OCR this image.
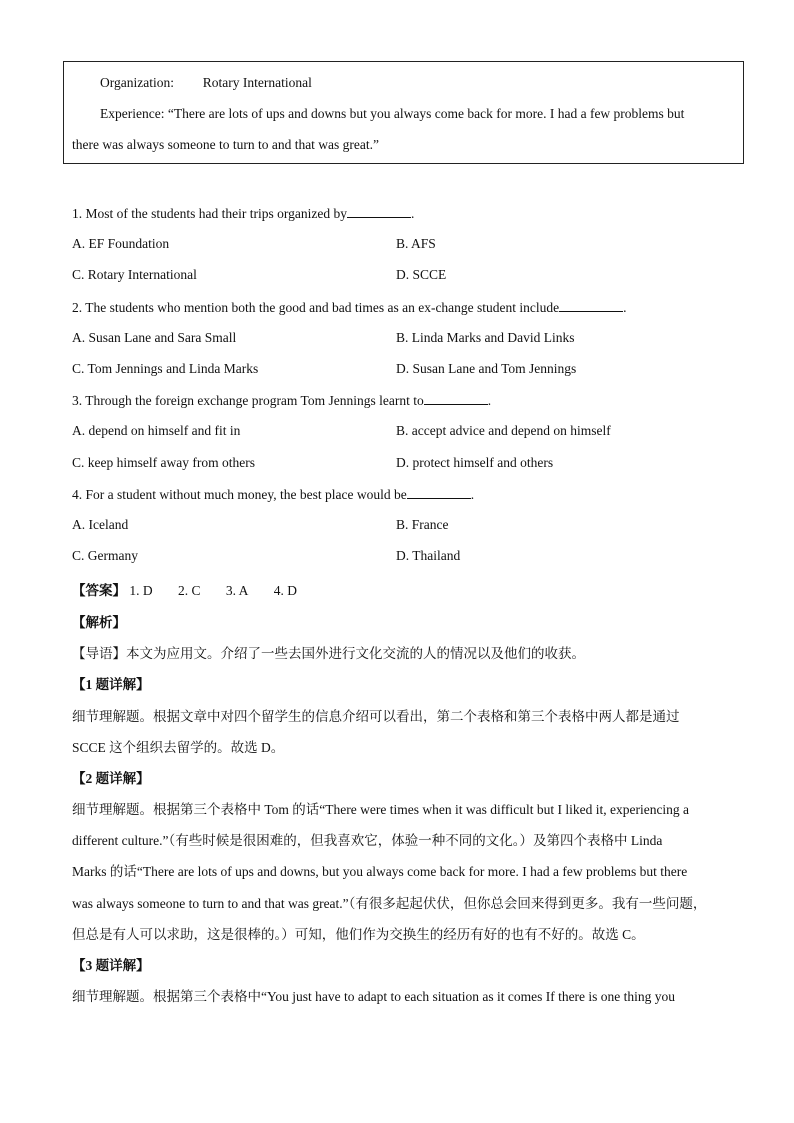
Organization: Rotary International
Experience: “There are lots of ups and downs but you always come back for more. I had a few problems but
there was always someone to turn to and that was great.”
1. Most of the students had their trips organized by	.
A. EF Foundation	B. AFS
C. Rotary International	D. SCCE
2. The students who mention both the good and bad times as an ex-change student include	.
A. Susan Lane and Sara Small	B. Linda Marks and David Links
C. Tom Jennings and Linda Marks	D. Susan Lane and Tom Jennings
3. Through the foreign exchange program Tom Jennings learnt to	.
A. depend on himself and fit in	B. accept advice and depend on himself
C. keep himself away from others	D. protect himself and others
4. For a student without much money, the best place would be	.
A. Iceland	B. France
C. Germany	D. Thailand
【答案】 1. D 2. C 3. A 4. D
【解析】
【导语】本文为应用文。介绍了一些去国外进行文化交流的人的情况以及他们的收获。
【1 题详解】
细节理解题。根据文章中对四个留学生的信息介绍可以看出，第二个表格和第三个表格中两人都是通过
SCCE 这个组织去留学的。故选 D。
【2 题详解】
细节理解题。根据第三个表格中 Tom 的话“There were times when it was difficult but I liked it, experiencing a
different culture.”（有些时候是很困难的，但我喜欢它，体验一种不同的文化。）及第四个表格中 Linda
Marks 的话“There are lots of ups and downs, but you always come back for more. I had a few problems but there
was always someone to turn to and that was great.”（有很多起起伏伏，但你总会回来得到更多。我有一些问题，
但总是有人可以求助，这是很棒的。）可知，他们作为交换生的经历有好的也有不好的。故选 C。
【3 题详解】
细节理解题。根据第三个表格中“You just have to adapt to each situation as it comes If there is one thing you
